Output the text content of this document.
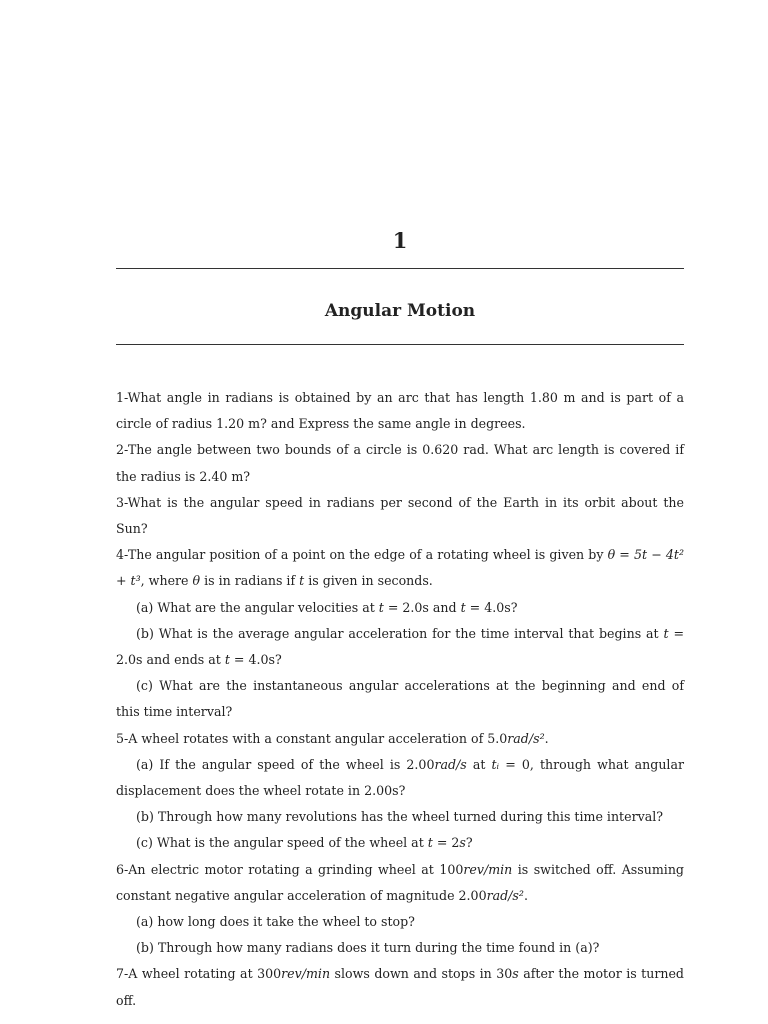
1
Angular Motion

1-What angle in radians is obtained by an arc that has length 1.80 m and is part of a circle of radius 1.20 m? and Express the same angle in degrees.

2-The angle between two bounds of a circle is 0.620 rad. What arc length is covered if the radius is 2.40 m?

3-What is the angular speed in radians per second of the Earth in its orbit about the Sun?

4-The angular position of a point on the edge of a rotating wheel is given by θ = 5t − 4t² + t³, where θ is in radians if t is given in seconds.

(a) What are the angular velocities at t = 2.0s and t = 4.0s?

(b) What is the average angular acceleration for the time interval that begins at t = 2.0s and ends at t = 4.0s?

(c) What are the instantaneous angular accelerations at the beginning and end of this time interval?

5-A wheel rotates with a constant angular acceleration of 5.0rad/s².

(a) If the angular speed of the wheel is 2.00rad/s at tᵢ = 0, through what angular displacement does the wheel rotate in 2.00s?

(b) Through how many revolutions has the wheel turned during this time interval?

(c) What is the angular speed of the wheel at t = 2s?

6-An electric motor rotating a grinding wheel at 100rev/min is switched off. Assuming constant negative angular acceleration of magnitude 2.00rad/s².

(a) how long does it take the wheel to stop?

(b) Through how many radians does it turn during the time found in (a)?

7-A wheel rotating at 300rev/min slows down and stops in 30s after the motor is turned off.
